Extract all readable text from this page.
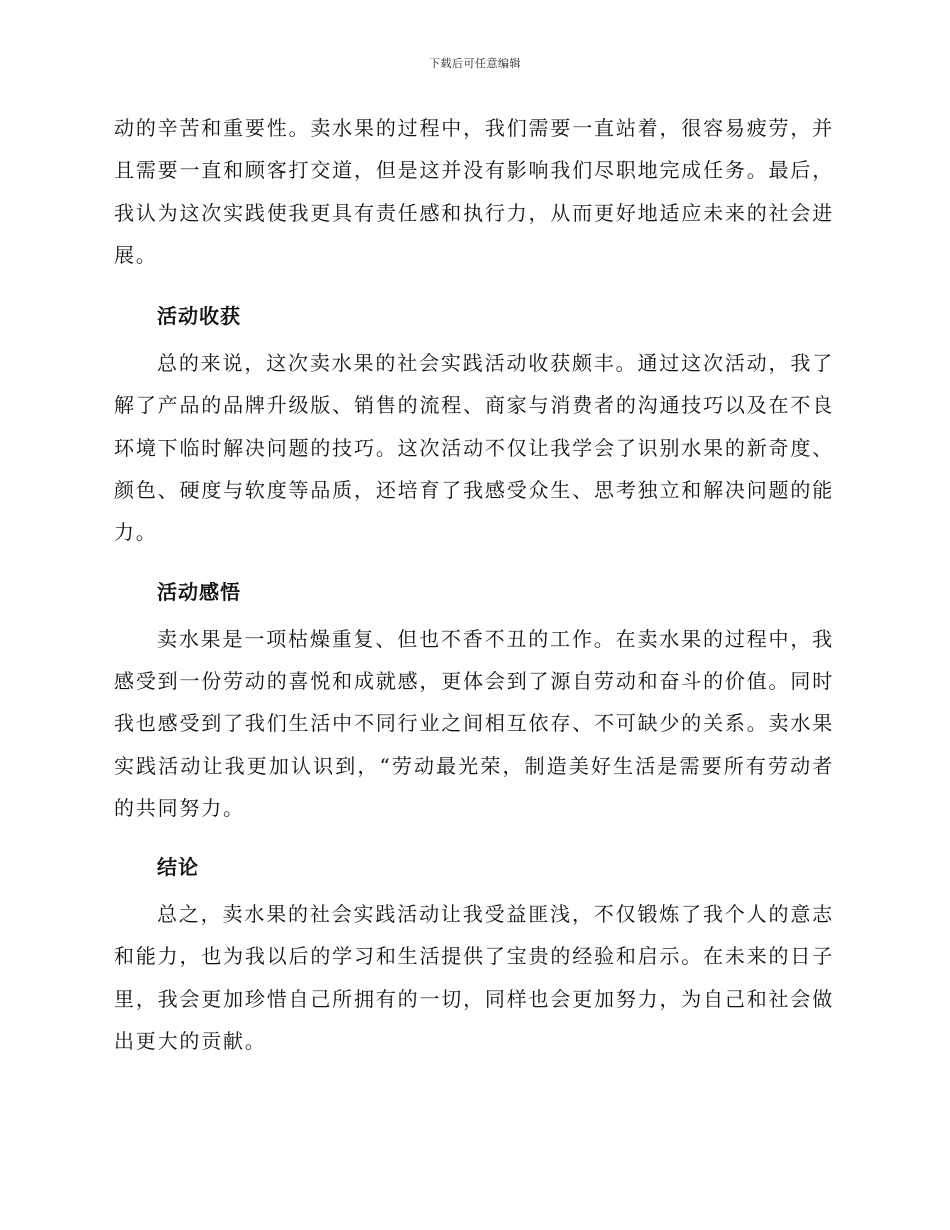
下载后可任意编辑

动的辛苦和重要性。卖水果的过程中，我们需要一直站着，很容易疲劳，并且需要一直和顾客打交道，但是这并没有影响我们尽职地完成任务。最后，我认为这次实践使我更具有责任感和执行力，从而更好地适应未来的社会进展。

活动收获

总的来说，这次卖水果的社会实践活动收获颇丰。通过这次活动，我了解了产品的品牌升级版、销售的流程、商家与消费者的沟通技巧以及在不良环境下临时解决问题的技巧。这次活动不仅让我学会了识别水果的新奇度、颜色、硬度与软度等品质，还培育了我感受众生、思考独立和解决问题的能力。

活动感悟

卖水果是一项枯燥重复、但也不香不丑的工作。在卖水果的过程中，我感受到一份劳动的喜悦和成就感，更体会到了源自劳动和奋斗的价值。同时我也感受到了我们生活中不同行业之间相互依存、不可缺少的关系。卖水果实践活动让我更加认识到，“劳动最光荣，制造美好生活是需要所有劳动者的共同努力。

结论

总之，卖水果的社会实践活动让我受益匪浅，不仅锻炼了我个人的意志和能力，也为我以后的学习和生活提供了宝贵的经验和启示。在未来的日子里，我会更加珍惜自己所拥有的一切，同样也会更加努力，为自己和社会做出更大的贡献。
